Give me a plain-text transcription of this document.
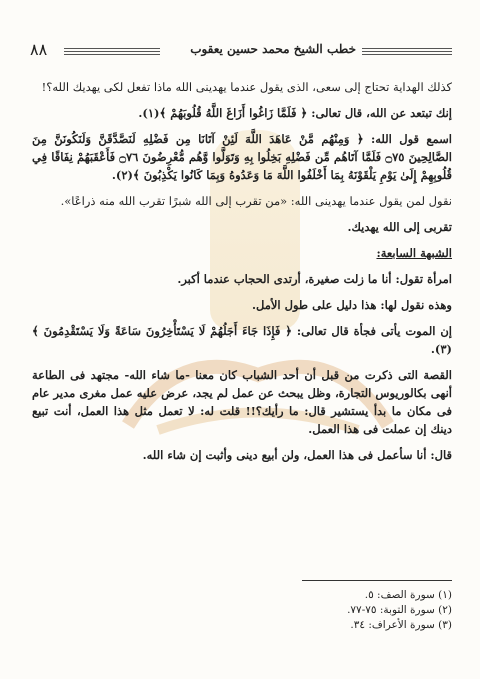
٨٨	خطب الشيخ محمد حسين يعقوب

كذلك الهداية تحتاج إلى سعى، الذى يقول عندما يهدينى الله ماذا تفعل لكى يهديك الله؟!

إنك تبتعد عن الله، قال تعالى: ﴿ فَلَمَّا زَاغُوا أَزَاغَ اللَّهُ قُلُوبَهُمْ ﴾(١).

اسمع قول الله: ﴿ وَمِنْهُم مَّنْ عَاهَدَ اللَّهَ لَئِنْ آتَانَا مِن فَضْلِهِ لَنَصَّدَّقَنَّ وَلَنَكُونَنَّ مِنَ الصَّالِحِينَ ۝٧٥ فَلَمَّا آتَاهُم مِّن فَضْلِهِ بَخِلُوا بِهِ وَتَوَلَّوا وَّهُم مُّعْرِضُونَ ۝٧٦ فَأَعْقَبَهُمْ نِفَاقًا فِي قُلُوبِهِمْ إِلَىٰ يَوْمِ يَلْقَوْنَهُ بِمَا أَخْلَفُوا اللَّهَ مَا وَعَدُوهُ وَبِمَا كَانُوا يَكْذِبُونَ ﴾(٢).

نقول لمن يقول عندما يهدينى الله: «من تقرب إلى الله شبرًا تقرب الله منه ذراعًا».

تقربى إلى الله يهديك.

الشبهة السابعة:

امرأة تقول: أنا ما زلت صغيرة، أرتدى الحجاب عندما أكبر.

وهذه نقول لها: هذا دليل على طول الأمل.

إن الموت يأتى فجأة قال تعالى: ﴿ فَإِذَا جَاءَ أَجَلُهُمْ لَا يَسْتَأْخِرُونَ سَاعَةً وَلَا يَسْتَقْدِمُونَ ﴾(٣).

القصة التى ذكرت من قبل أن أحد الشباب كان معنا -ما شاء الله- مجتهد فى الطاعة أنهى بكالوريوس التجارة، وظل يبحث عن عمل لم يجد، عرض عليه عمل مغرى مدير عام فى مكان ما بدأ يستشير قال: ما رأيك؟!! قلت له: لا تعمل مثل هذا العمل، أنت تبيع دينك إن عملت فى هذا العمل.

قال: أنا سأعمل فى هذا العمل، ولن أبيع دينى وأثبت إن شاء الله.

(١) سورة الصف: ٥.
(٢) سورة التوبة: ٧٥-٧٧.
(٣) سورة الأعراف: ٣٤.
